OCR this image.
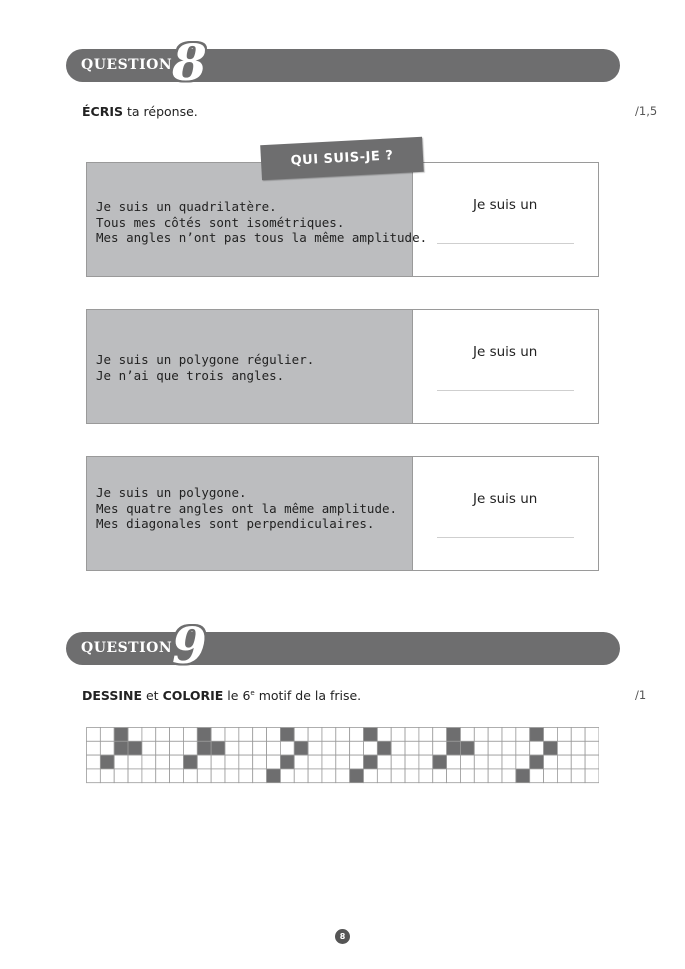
QUESTION 8
ÉCRIS ta réponse.	/1,5
Je suis un quadrilatère.
Tous mes côtés sont isométriques.
Mes angles n’ont pas tous la même amplitude.
Je suis un
QUI SUIS-JE ?
Je suis un polygone régulier.
Je n’ai que trois angles.
Je suis un
Je suis un polygone.
Mes quatre angles ont la même amplitude.
Mes diagonales sont perpendiculaires.
Je suis un
QUESTION 9
DESSINE et COLORIE le 6e motif de la frise.	/1
8
